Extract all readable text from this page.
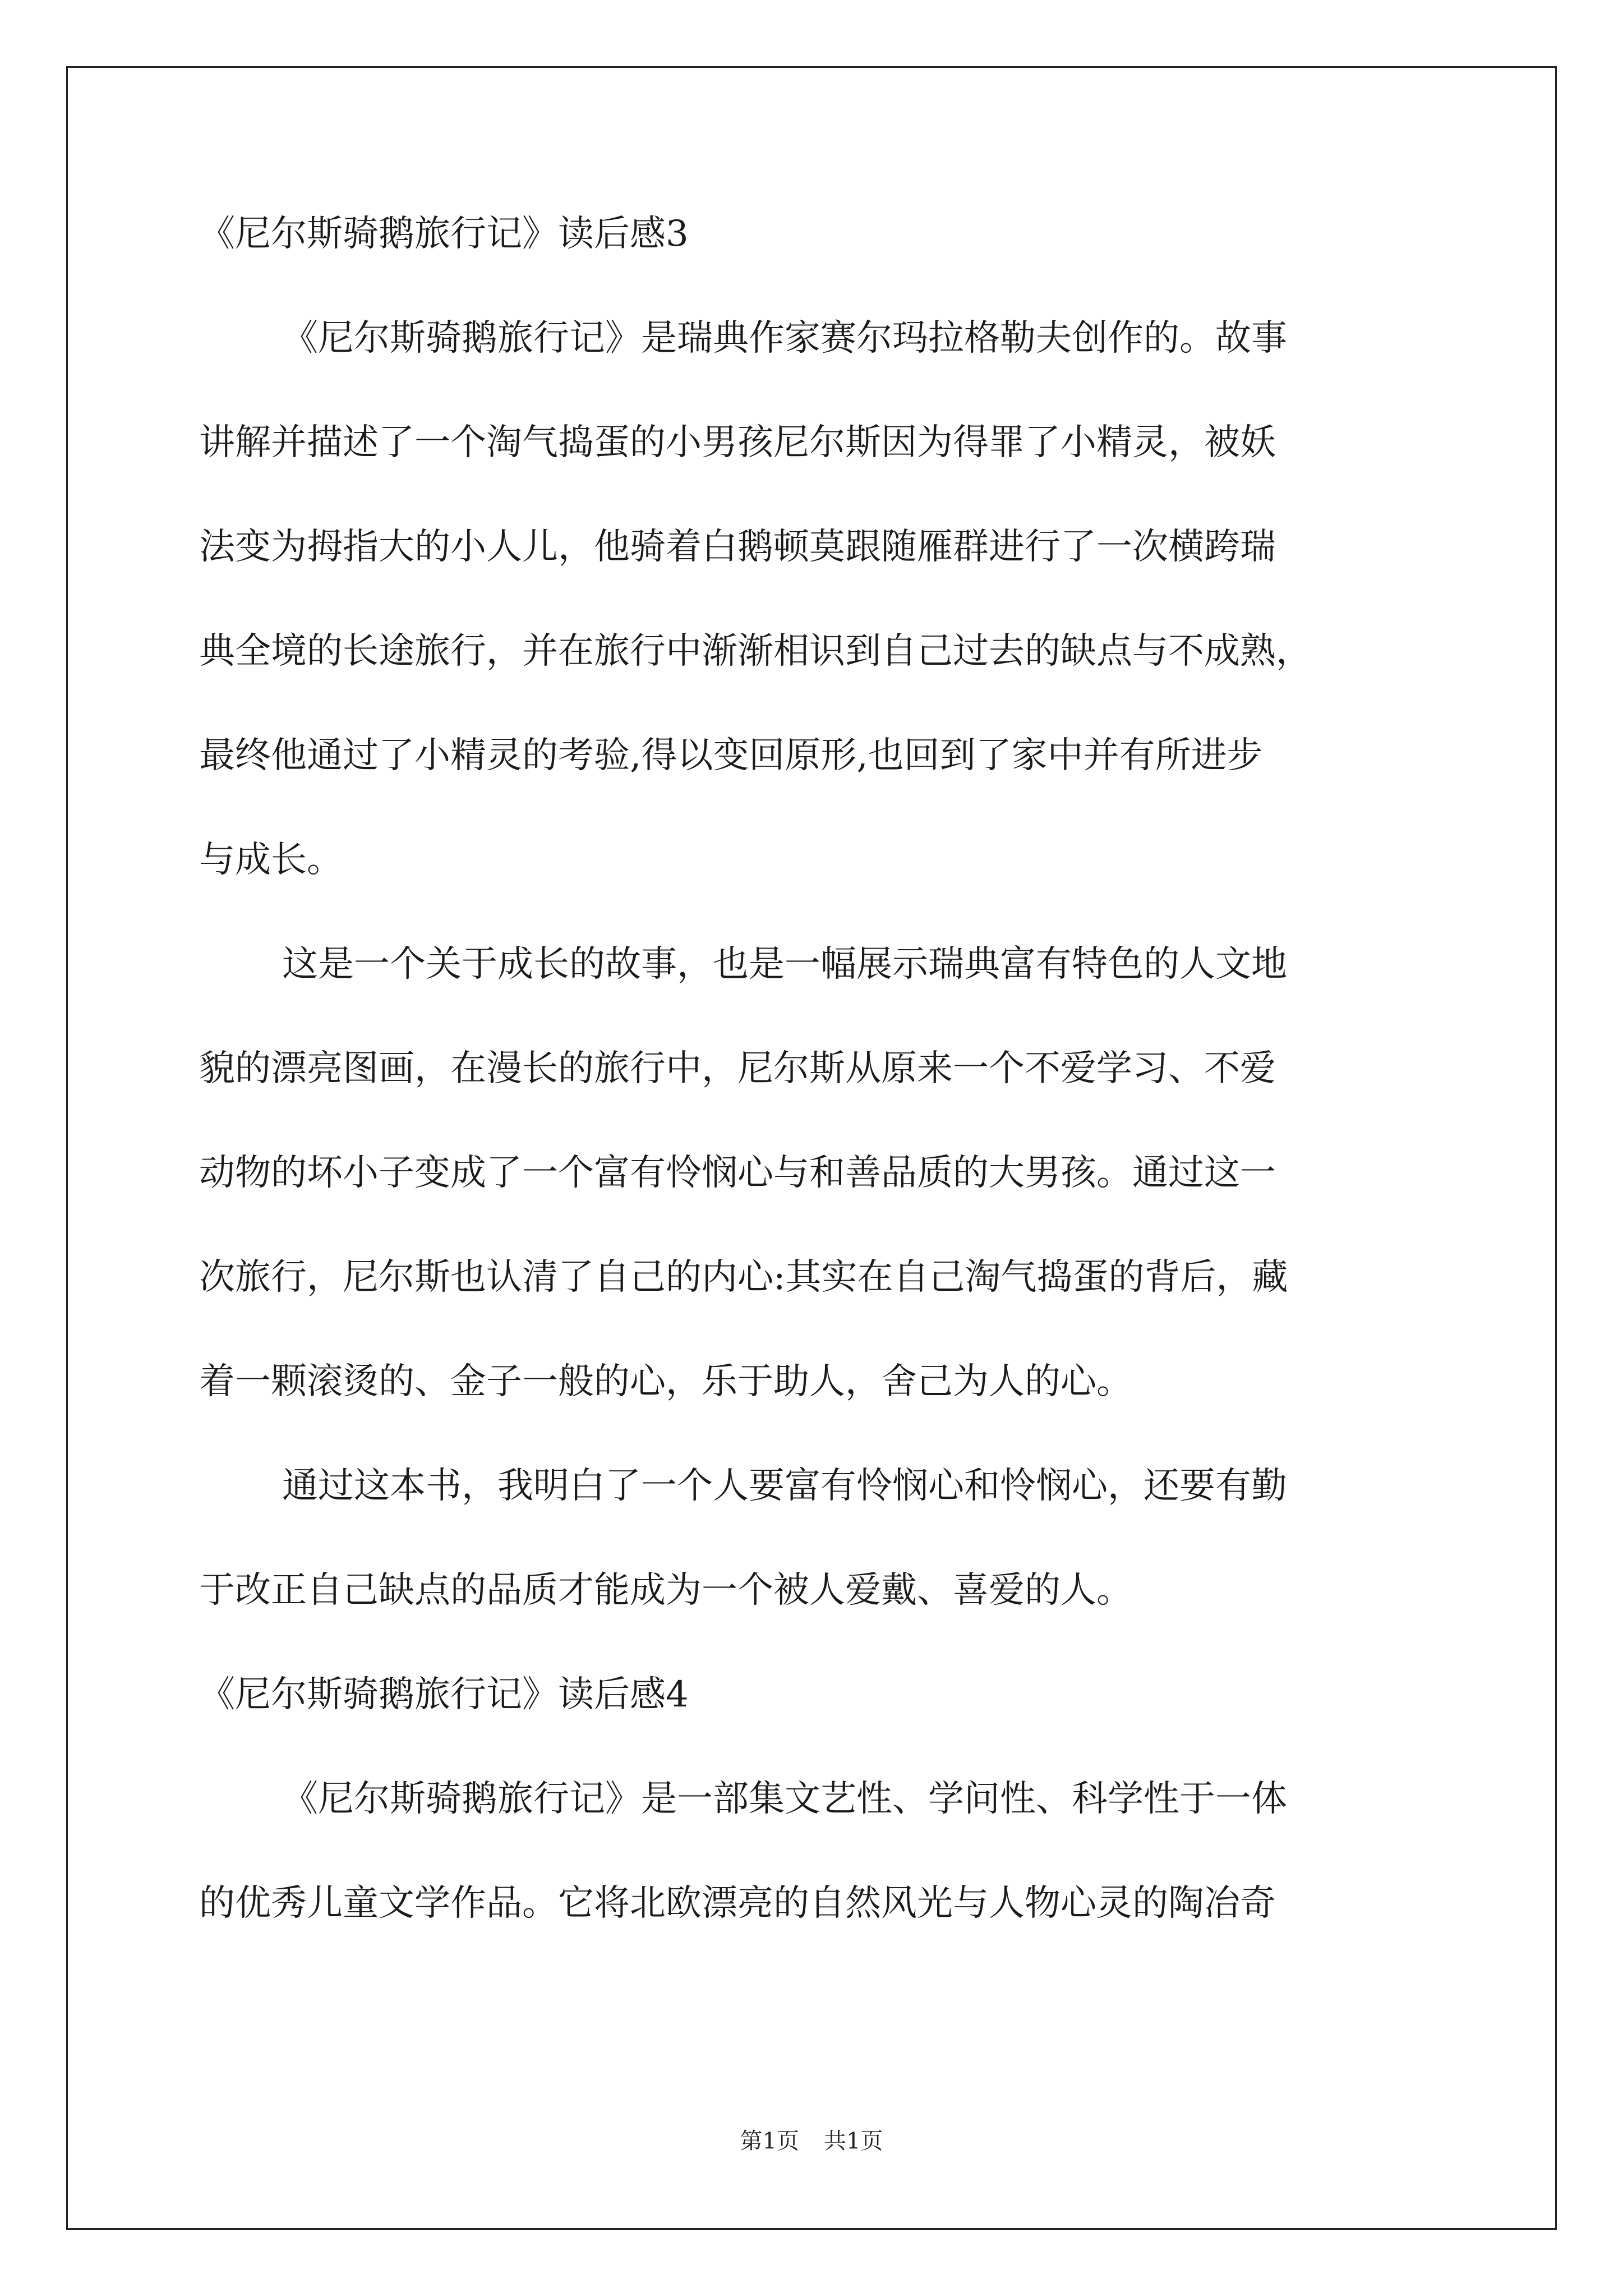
《尼尔斯骑鹅旅行记》读后感3
《尼尔斯骑鹅旅行记》是瑞典作家赛尔玛拉格勒夫创作的。故事
讲解并描述了一个淘气捣蛋的小男孩尼尔斯因为得罪了小精灵，被妖
法变为拇指大的小人儿，他骑着白鹅顿莫跟随雁群进行了一次横跨瑞
典全境的长途旅行，并在旅行中渐渐相识到自己过去的缺点与不成熟，
最终他通过了小精灵的考验,得以变回原形,也回到了家中并有所进步
与成长。
这是一个关于成长的故事，也是一幅展示瑞典富有特色的人文地
貌的漂亮图画，在漫长的旅行中，尼尔斯从原来一个不爱学习、不爱
动物的坏小子变成了一个富有怜悯心与和善品质的大男孩。通过这一
次旅行，尼尔斯也认清了自己的内心:其实在自己淘气捣蛋的背后，藏
着一颗滚烫的、金子一般的心，乐于助人，舍己为人的心。
通过这本书，我明白了一个人要富有怜悯心和怜悯心，还要有勤
于改正自己缺点的品质才能成为一个被人爱戴、喜爱的人。
《尼尔斯骑鹅旅行记》读后感4
《尼尔斯骑鹅旅行记》是一部集文艺性、学问性、科学性于一体
的优秀儿童文学作品。它将北欧漂亮的自然风光与人物心灵的陶冶奇
第1页 共1页
